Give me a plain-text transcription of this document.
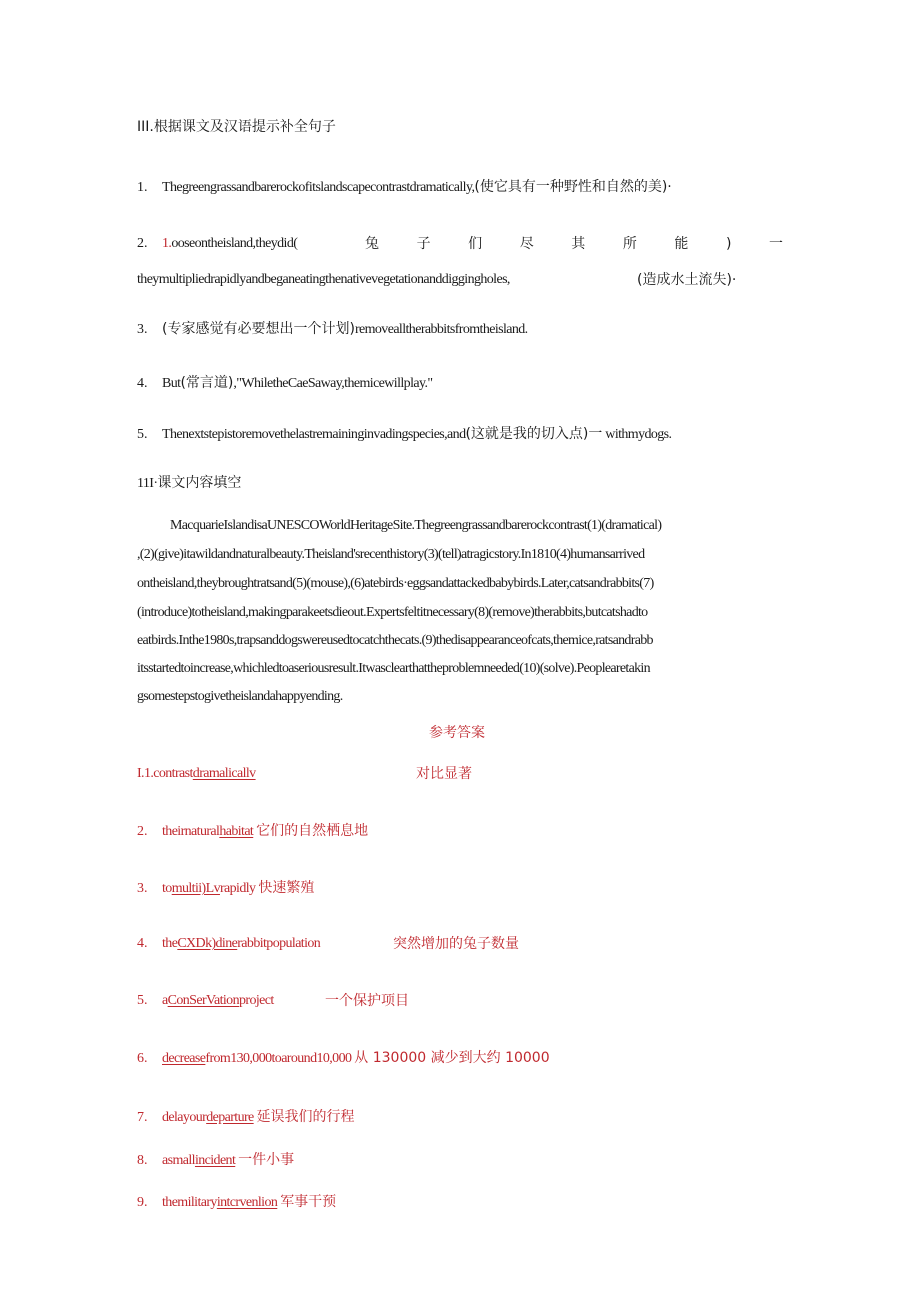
III.根据课文及汉语提示补全句子
1. Thegreengrassandbarerockofitslandscapecontrastdramatically,(使它具有一种野性和自然的美)·
2. 1.ooseontheisland,theydid(	兔	子	们	尽	其	所	能	)	一
theymultipliedrapidlyandbeganeatingthenativevegetationanddiggingholes,	(造成水土流失)·
3. (专家感觉有必要想出一个计划)removealltherabbitsfromtheisland.
4. But(常言道),"WhiletheCaeSaway,themicewillplay."
5. Thenextstepistoremovethelastremaininginvadingspecies,and(这就是我的切入点)一 withmydogs.
11I·课文内容填空
MacquarieIslandisaUNESCOWorldHeritageSite.Thegreengrassandbarerockcontrast(1)(dramatical)
,(2)(give)itawildandnaturalbeauty.Theisland'srecenthistory(3)(tell)atragicstory.In1810(4)humansarrived
ontheisland,theybroughtratsand(5)(mouse),(6)atebirds·eggsandattackedbabybirds.Later,catsandrabbits(7)
(introduce)totheisland,makingparakeetsdieout.Expertsfeltitnecessary(8)(remove)therabbits,butcatshadto
eatbirds.Inthe1980s,trapsanddogswereusedtocatchthecats.(9)thedisappearanceofcats,themice,ratsandrabb
itsstartedtoincrease,whichledtoaseriousresult.Itwasclearthattheproblemneeded(10)(solve).Peoplearetakin
gsomestepstogivetheislandahappyending.
参考答案
I.1.contrastdramalicallv	对比显著
2. theirnaturalhabitat 它们的自然栖息地
3. tomultii)Lvrapidly 快速繁殖
4. theCXDk)dinerabbitpopulation	突然增加的兔子数量
5. aConSerVationproject	一个保护项目
6. decreasefrom130,000toaround10,000 从 130000 减少到大约 10000
7. delayourdeparture 延误我们的行程
8. asmallincident 一件小事
9. themilitaryintcrvenlion 军事干预
